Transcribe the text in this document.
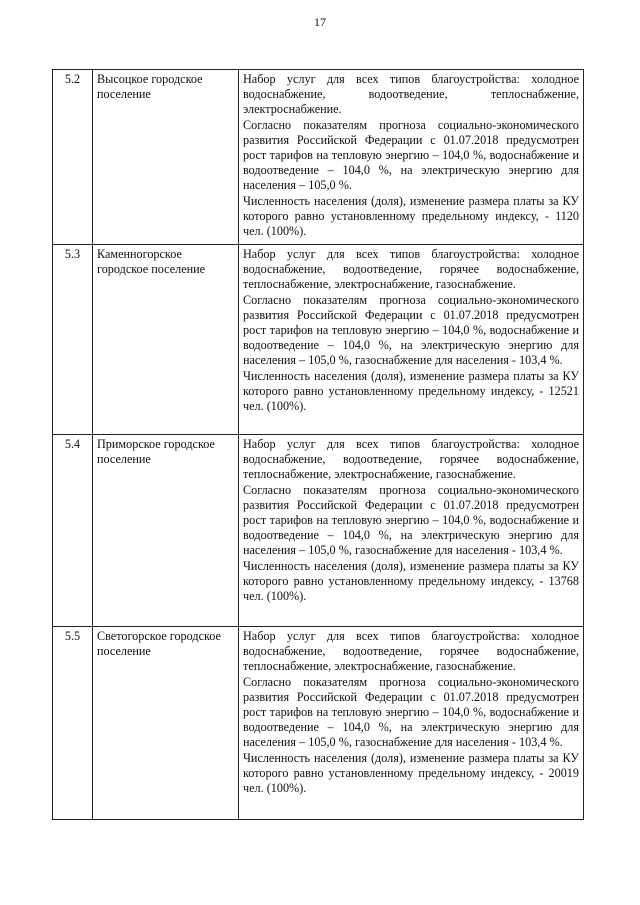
17
5.2	Высоцкое городское поселение	Набор услуг для всех типов благоустройства: холодное водоснабжение, водоотведение, теплоснабжение, электроснабжение.
Согласно показателям прогноза социально-экономического развития Российской Федерации с 01.07.2018 предусмотрен рост тарифов на тепловую энергию – 104,0 %, водоснабжение и водоотведение – 104,0 %, на электрическую энергию для населения – 105,0 %.
Численность населения (доля), изменение размера платы за КУ которого равно установленному предельному индексу, - 1120 чел. (100%).

5.3	Каменногорское городское поселение	Набор услуг для всех типов благоустройства: холодное водоснабжение, водоотведение, горячее водоснабжение, теплоснабжение, электроснабжение, газоснабжение.
Согласно показателям прогноза социально-экономического развития Российской Федерации с 01.07.2018 предусмотрен рост тарифов на тепловую энергию – 104,0 %, водоснабжение и водоотведение – 104,0 %, на электрическую энергию для населения – 105,0 %, газоснабжение для населения - 103,4 %.
Численность населения (доля), изменение размера платы за КУ которого равно установленному предельному индексу, - 12521 чел. (100%).

5.4	Приморское городское поселение	Набор услуг для всех типов благоустройства: холодное водоснабжение, водоотведение, горячее водоснабжение, теплоснабжение, электроснабжение, газоснабжение.
Согласно показателям прогноза социально-экономического развития Российской Федерации с 01.07.2018 предусмотрен рост тарифов на тепловую энергию – 104,0 %, водоснабжение и водоотведение – 104,0 %, на электрическую энергию для населения – 105,0 %, газоснабжение для населения - 103,4 %.
Численность населения (доля), изменение размера платы за КУ которого равно установленному предельному индексу, - 13768 чел. (100%).

5.5	Светогорское городское поселение	Набор услуг для всех типов благоустройства: холодное водоснабжение, водоотведение, горячее водоснабжение, теплоснабжение, электроснабжение, газоснабжение.
Согласно показателям прогноза социально-экономического развития Российской Федерации с 01.07.2018 предусмотрен рост тарифов на тепловую энергию – 104,0 %, водоснабжение и водоотведение – 104,0 %, на электрическую энергию для населения – 105,0 %, газоснабжение для населения - 103,4 %.
Численность населения (доля), изменение размера платы за КУ которого равно установленному предельному индексу, - 20019 чел. (100%).
